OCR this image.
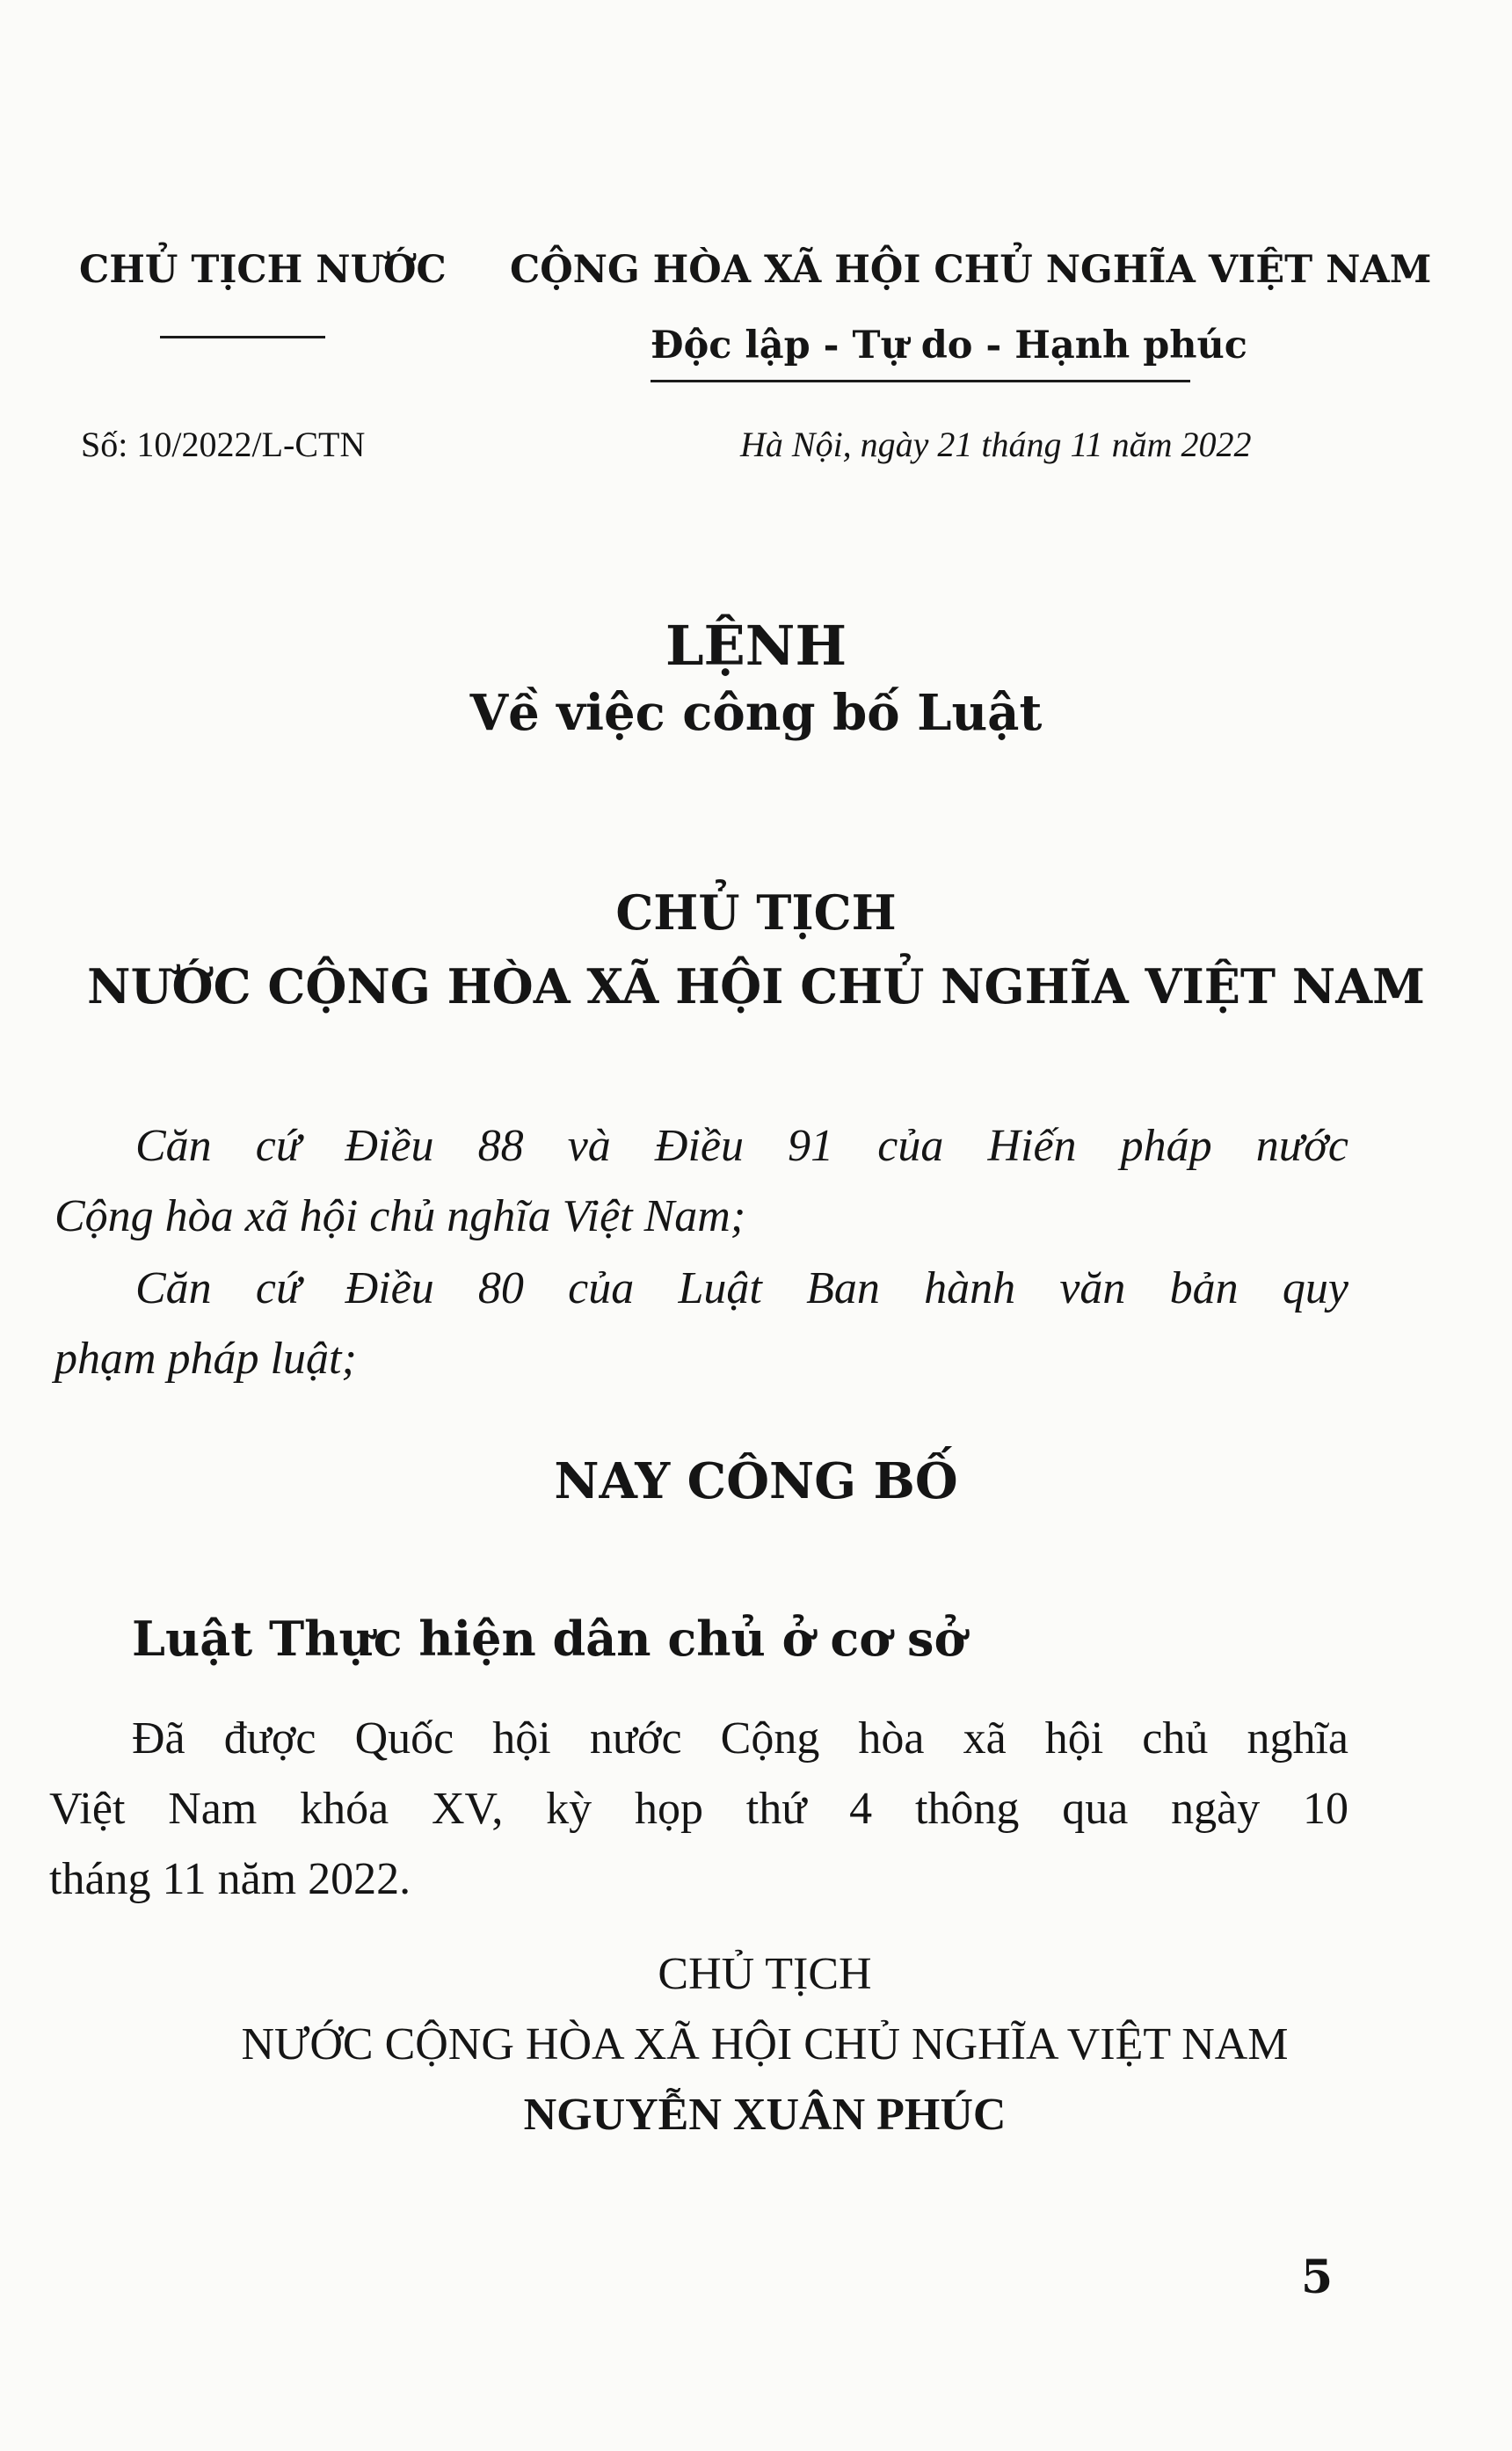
CHỦ TỊCH NƯỚC CỘNG HÒA XÃ HỘI CHỦ NGHĨA VIỆT NAM
Độc lập - Tự do - Hạnh phúc
Số: 10/2022/L-CTN	Hà Nội, ngày 21 tháng 11 năm 2022
LỆNH
Về việc công bố Luật
CHỦ TỊCH
NƯỚC CỘNG HÒA XÃ HỘI CHỦ NGHĨA VIỆT NAM
Căn cứ Điều 88 và Điều 91 của Hiến pháp nước
Cộng hòa xã hội chủ nghĩa Việt Nam;
Căn cứ Điều 80 của Luật Ban hành văn bản quy
phạm pháp luật;
NAY CÔNG BỐ
Luật Thực hiện dân chủ ở cơ sở
Đã được Quốc hội nước Cộng hòa xã hội chủ nghĩa
Việt Nam khóa XV, kỳ họp thứ 4 thông qua ngày 10
tháng 11 năm 2022.
CHỦ TỊCH
NƯỚC CỘNG HÒA XÃ HỘI CHỦ NGHĨA VIỆT NAM
NGUYỄN XUÂN PHÚC
5
